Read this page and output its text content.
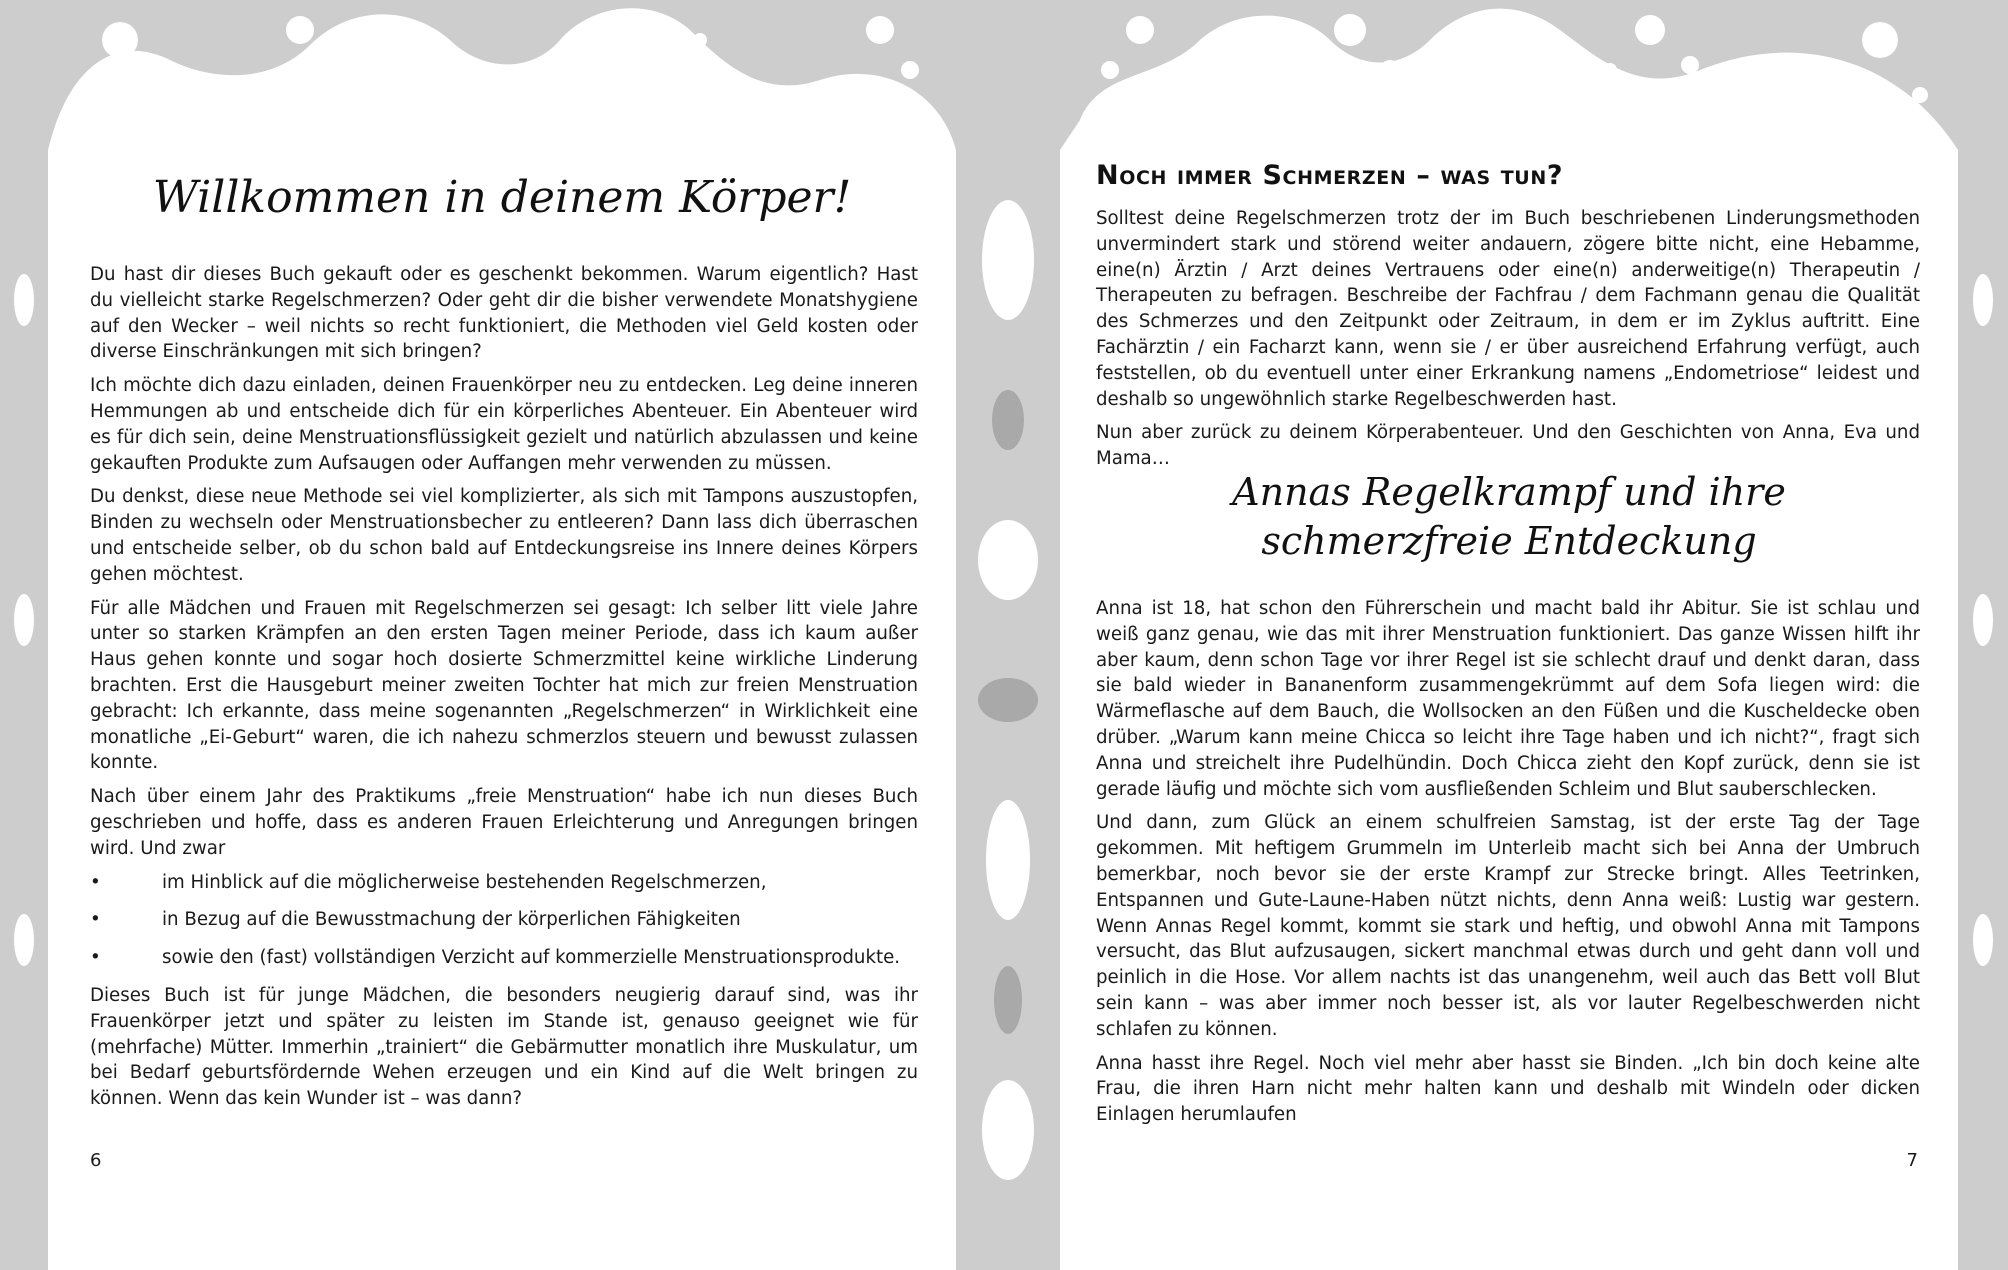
Willkommen in deinem Körper!

Du hast dir dieses Buch gekauft oder es geschenkt bekommen. Warum eigentlich? Hast du vielleicht starke Regelschmerzen? Oder geht dir die bisher verwendete Monatshygiene auf den Wecker – weil nichts so recht funktioniert, die Methoden viel Geld kosten oder diverse Einschränkungen mit sich bringen?

Ich möchte dich dazu einladen, deinen Frauenkörper neu zu entdecken. Leg deine inneren Hemmungen ab und entscheide dich für ein körperliches Abenteuer. Ein Abenteuer wird es für dich sein, deine Menstruationsflüssigkeit gezielt und natürlich abzulassen und keine gekauften Produkte zum Aufsaugen oder Auffangen mehr verwenden zu müssen.

Du denkst, diese neue Methode sei viel komplizierter, als sich mit Tampons auszustopfen, Binden zu wechseln oder Menstruationsbecher zu entleeren? Dann lass dich überraschen und entscheide selber, ob du schon bald auf Entdeckungsreise ins Innere deines Körpers gehen möchtest.

Für alle Mädchen und Frauen mit Regelschmerzen sei gesagt: Ich selber litt viele Jahre unter so starken Krämpfen an den ersten Tagen meiner Periode, dass ich kaum außer Haus gehen konnte und sogar hoch dosierte Schmerzmittel keine wirkliche Linderung brachten. Erst die Hausgeburt meiner zweiten Tochter hat mich zur freien Menstruation gebracht: Ich erkannte, dass meine sogenannten „Regelschmerzen“ in Wirklichkeit eine monatliche „Ei-Geburt“ waren, die ich nahezu schmerzlos steuern und bewusst zulassen konnte.

Nach über einem Jahr des Praktikums „freie Menstruation“ habe ich nun dieses Buch geschrieben und hoffe, dass es anderen Frauen Erleichterung und Anregungen bringen wird. Und zwar

•	im Hinblick auf die möglicherweise bestehenden Regelschmerzen,
•	in Bezug auf die Bewusstmachung der körperlichen Fähigkeiten
•	sowie den (fast) vollständigen Verzicht auf kommerzielle Menstruationsprodukte.

Dieses Buch ist für junge Mädchen, die besonders neugierig darauf sind, was ihr Frauenkörper jetzt und später zu leisten im Stande ist, genauso geeignet wie für (mehrfache) Mütter. Immerhin „trainiert“ die Gebärmutter monatlich ihre Muskulatur, um bei Bedarf geburtsfördernde Wehen erzeugen und ein Kind auf die Welt bringen zu können. Wenn das kein Wunder ist – was dann?

6
Noch immer Schmerzen – was tun?

Solltest deine Regelschmerzen trotz der im Buch beschriebenen Linderungsmethoden unvermindert stark und störend weiter andauern, zögere bitte nicht, eine Hebamme, eine(n) Ärztin / Arzt deines Vertrauens oder eine(n) anderweitige(n) Therapeutin / Therapeuten zu befragen. Beschreibe der Fachfrau / dem Fachmann genau die Qualität des Schmerzes und den Zeitpunkt oder Zeitraum, in dem er im Zyklus auftritt. Eine Fachärztin / ein Facharzt kann, wenn sie / er über ausreichend Erfahrung verfügt, auch feststellen, ob du eventuell unter einer Erkrankung namens „Endometriose“ leidest und deshalb so ungewöhnlich starke Regelbeschwerden hast.

Nun aber zurück zu deinem Körperabenteuer. Und den Geschichten von Anna, Eva und Mama…

Annas Regelkrampf und ihre
schmerzfreie Entdeckung

Anna ist 18, hat schon den Führerschein und macht bald ihr Abitur. Sie ist schlau und weiß ganz genau, wie das mit ihrer Menstruation funktioniert. Das ganze Wissen hilft ihr aber kaum, denn schon Tage vor ihrer Regel ist sie schlecht drauf und denkt daran, dass sie bald wieder in Bananenform zusammengekrümmt auf dem Sofa liegen wird: die Wärmeflasche auf dem Bauch, die Wollsocken an den Füßen und die Kuscheldecke oben drüber. „Warum kann meine Chicca so leicht ihre Tage haben und ich nicht?“, fragt sich Anna und streichelt ihre Pudelhündin. Doch Chicca zieht den Kopf zurück, denn sie ist gerade läufig und möchte sich vom ausfließenden Schleim und Blut sauberschlecken.

Und dann, zum Glück an einem schulfreien Samstag, ist der erste Tag der Tage gekommen. Mit heftigem Grummeln im Unterleib macht sich bei Anna der Umbruch bemerkbar, noch bevor sie der erste Krampf zur Strecke bringt. Alles Teetrinken, Entspannen und Gute-Laune-Haben nützt nichts, denn Anna weiß: Lustig war gestern. Wenn Annas Regel kommt, kommt sie stark und heftig, und obwohl Anna mit Tampons versucht, das Blut aufzusaugen, sickert manchmal etwas durch und geht dann voll und peinlich in die Hose. Vor allem nachts ist das unangenehm, weil auch das Bett voll Blut sein kann – was aber immer noch besser ist, als vor lauter Regelbeschwerden nicht schlafen zu können.

Anna hasst ihre Regel. Noch viel mehr aber hasst sie Binden. „Ich bin doch keine alte Frau, die ihren Harn nicht mehr halten kann und deshalb mit Windeln oder dicken Einlagen herumlaufen

7
